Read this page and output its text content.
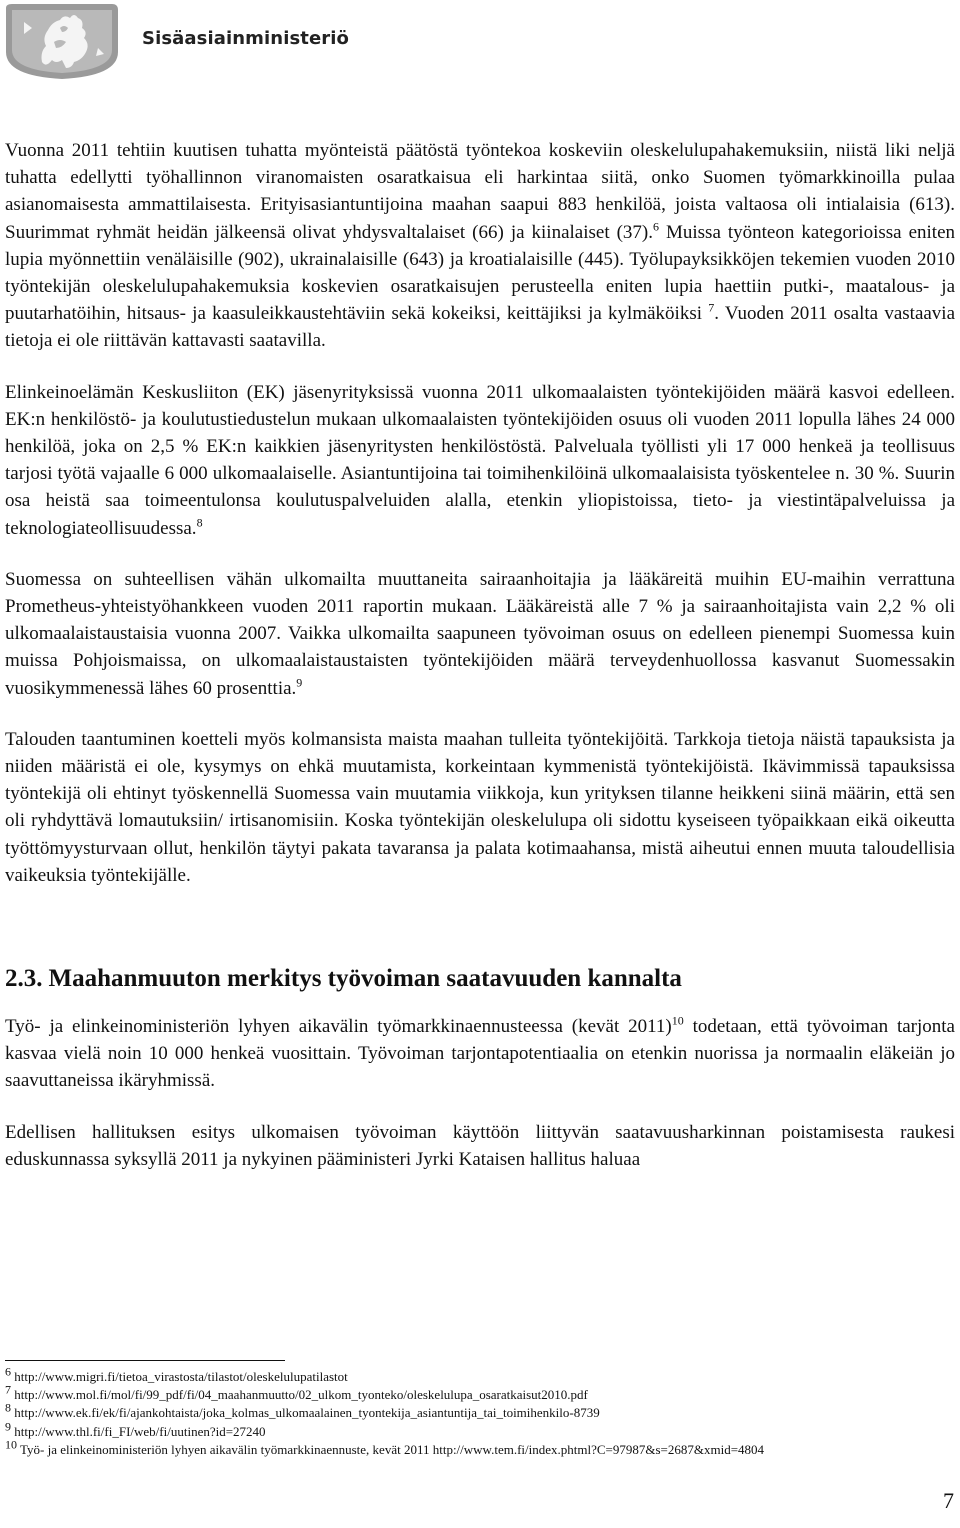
Sisäasiainministeriö

Vuonna 2011 tehtiin kuutisen tuhatta myönteistä päätöstä työntekoa koskeviin oleskelulupahakemuksiin, niistä liki neljä tuhatta edellytti työhallinnon viranomaisten osaratkaisua eli harkintaa siitä, onko Suomen työmarkkinoilla pulaa asianomaisesta ammattilaisesta. Erityisasiantuntijoina maahan saapui 883 henkilöä, joista valtaosa oli intialaisia (613). Suurimmat ryhmät heidän jälkeensä olivat yhdysvaltalaiset (66) ja kiinalaiset (37).$^6$ Muissa työnteon kategorioissa eniten lupia myönnettiin venäläisille (902), ukrainalaisille (643) ja kroatialaisille (445). Työlupayksikköjen tekemien vuoden 2010 työntekijän oleskelulupahakemuksia koskevien osaratkaisujen perusteella eniten lupia haettiin putki-, maatalous- ja puutarhatöihin, hitsaus- ja kaasuleikkaustehtäviin sekä kokeiksi, keittäjiksi ja kylmäköiksi $^7$. Vuoden 2011 osalta vastaavia tietoja ei ole riittävän kattavasti saatavilla.

Elinkeinoelämän Keskusliiton (EK) jäsenyrityksissä vuonna 2011 ulkomaalaisten työntekijöiden määrä kasvoi edelleen. EK:n henkilöstö- ja koulutustiedustelun mukaan ulkomaalaisten työntekijöiden osuus oli vuoden 2011 lopulla lähes 24 000 henkilöä, joka on 2,5 % EK:n kaikkien jäsenyritysten henkilöstöstä. Palveluala työllisti yli 17 000 henkeä ja teollisuus tarjosi työtä vajaalle 6 000 ulkomaalaiselle. Asiantuntijoina tai toimihenkilöinä ulkomaalaisista työskentelee n. 30 %. Suurin osa heistä saa toimeentulonsa koulutuspalveluiden alalla, etenkin yliopistoissa, tieto- ja viestintäpalveluissa ja teknologiateollisuudessa.$^8$

Suomessa on suhteellisen vähän ulkomailta muuttaneita sairaanhoitajia ja lääkäreitä muihin EU-maihin verrattuna Prometheus-yhteistyöhankkeen vuoden 2011 raportin mukaan. Lääkäreistä alle 7 % ja sairaanhoitajista vain 2,2 % oli ulkomaalaistaustaisia vuonna 2007. Vaikka ulkomailta saapuneen työvoiman osuus on edelleen pienempi Suomessa kuin muissa Pohjoismaissa, on ulkomaalaistaustaisten työntekijöiden määrä terveydenhuollossa kasvanut Suomessakin vuosikymmenessä lähes 60 prosenttia.$^9$

Talouden taantuminen koetteli myös kolmansista maista maahan tulleita työntekijöitä. Tarkkoja tietoja näistä tapauksista ja niiden määristä ei ole, kysymys on ehkä muutamista, korkeintaan kymmenistä työntekijöistä. Ikävimmissä tapauksissa työntekijä oli ehtinyt työskennellä Suomessa vain muutamia viikkoja, kun yrityksen tilanne heikkeni siinä määrin, että sen oli ryhdyttävä lomautuksiin/ irtisanomisiin. Koska työntekijän oleskelulupa oli sidottu kyseiseen työpaikkaan eikä oikeutta työttömyysturvaan ollut, henkilön täytyi pakata tavaransa ja palata kotimaahansa, mistä aiheutui ennen muuta taloudellisia vaikeuksia työntekijälle.

2.3. Maahanmuuton merkitys työvoiman saatavuuden kannalta

Työ- ja elinkeinoministeriön lyhyen aikavälin työmarkkinaennusteessa (kevät 2011)$^{10}$ todetaan, että työvoiman tarjonta kasvaa vielä noin 10 000 henkeä vuosittain. Työvoiman tarjontapotentiaalia on etenkin nuorissa ja normaalin eläkeiän jo saavuttaneissa ikäryhmissä.

Edellisen hallituksen esitys ulkomaisen työvoiman käyttöön liittyvän saatavuusharkinnan poistamisesta raukesi eduskunnassa syksyllä 2011 ja nykyinen pääministeri Jyrki Kataisen hallitus haluaa

$^6$ http://www.migri.fi/tietoa_virastosta/tilastot/oleskelulupatilastot
$^7$ http://www.mol.fi/mol/fi/99_pdf/fi/04_maahanmuutto/02_ulkom_tyonteko/oleskelulupa_osaratkaisut2010.pdf
$^8$ http://www.ek.fi/ek/fi/ajankohtaista/joka_kolmas_ulkomaalainen_tyontekija_asiantuntija_tai_toimihenkilo-8739
$^9$ http://www.thl.fi/fi_FI/web/fi/uutinen?id=27240
$^{10}$ Työ- ja elinkeinoministeriön lyhyen aikavälin työmarkkinaennuste, kevät 2011 http://www.tem.fi/index.phtml?C=97987&s=2687&xmid=4804
7
